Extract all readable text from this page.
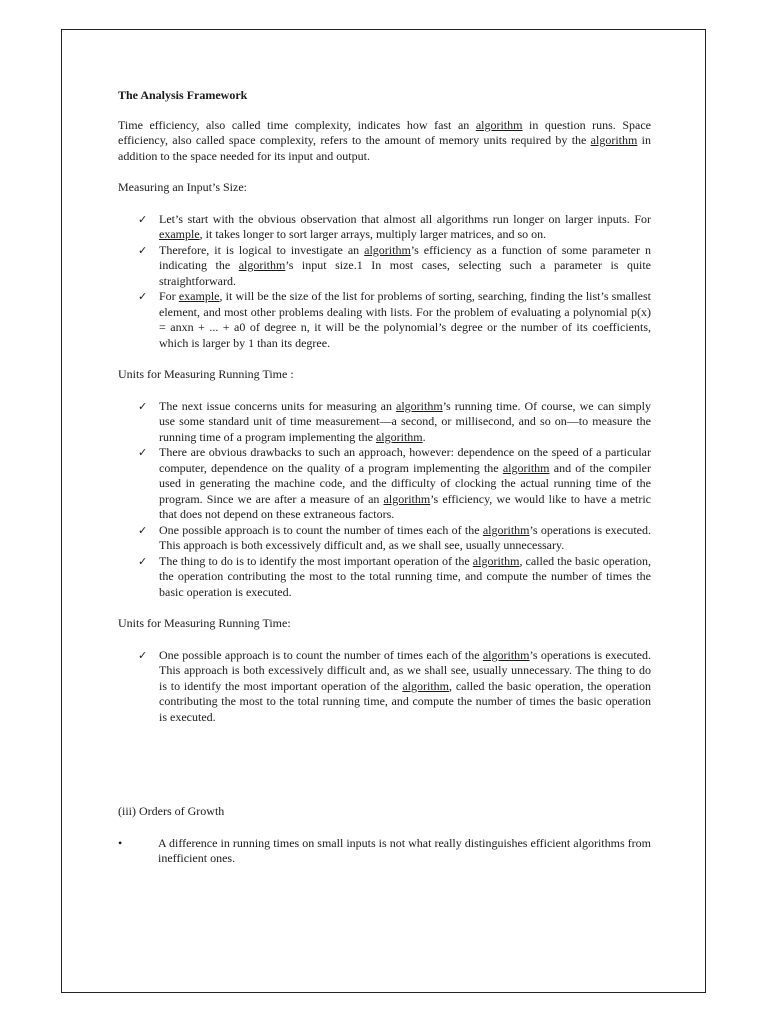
The Analysis Framework

Time efficiency, also called time complexity, indicates how fast an algorithm in question runs. Space efficiency, also called space complexity, refers to the amount of memory units required by the algorithm in addition to the space needed for its input and output.

Measuring an Input’s Size:

✓ Let’s start with the obvious observation that almost all algorithms run longer on larger inputs. For example, it takes longer to sort larger arrays, multiply larger matrices, and so on.
✓ Therefore, it is logical to investigate an algorithm’s efficiency as a function of some parameter n indicating the algorithm’s input size.1 In most cases, selecting such a parameter is quite straightforward.
✓ For example, it will be the size of the list for problems of sorting, searching, finding the list’s smallest element, and most other problems dealing with lists. For the problem of evaluating a polynomial p(x) = anxn + ... + a0 of degree n, it will be the polynomial’s degree or the number of its coefficients, which is larger by 1 than its degree.

Units for Measuring Running Time :

✓ The next issue concerns units for measuring an algorithm’s running time. Of course, we can simply use some standard unit of time measurement—a second, or millisecond, and so on—to measure the running time of a program implementing the algorithm.
✓ There are obvious drawbacks to such an approach, however: dependence on the speed of a particular computer, dependence on the quality of a program implementing the algorithm and of the compiler used in generating the machine code, and the difficulty of clocking the actual running time of the program. Since we are after a measure of an algorithm’s efficiency, we would like to have a metric that does not depend on these extraneous factors.
✓ One possible approach is to count the number of times each of the algorithm’s operations is executed. This approach is both excessively difficult and, as we shall see, usually unnecessary.
✓ The thing to do is to identify the most important operation of the algorithm, called the basic operation, the operation contributing the most to the total running time, and compute the number of times the basic operation is executed.

Units for Measuring Running Time:

✓ One possible approach is to count the number of times each of the algorithm’s operations is executed. This approach is both excessively difficult and, as we shall see, usually unnecessary. The thing to do is to identify the most important operation of the algorithm, called the basic operation, the operation contributing the most to the total running time, and compute the number of times the basic operation is executed.

(iii) Orders of Growth

•	A difference in running times on small inputs is not what really distinguishes efficient algorithms from inefficient ones.
